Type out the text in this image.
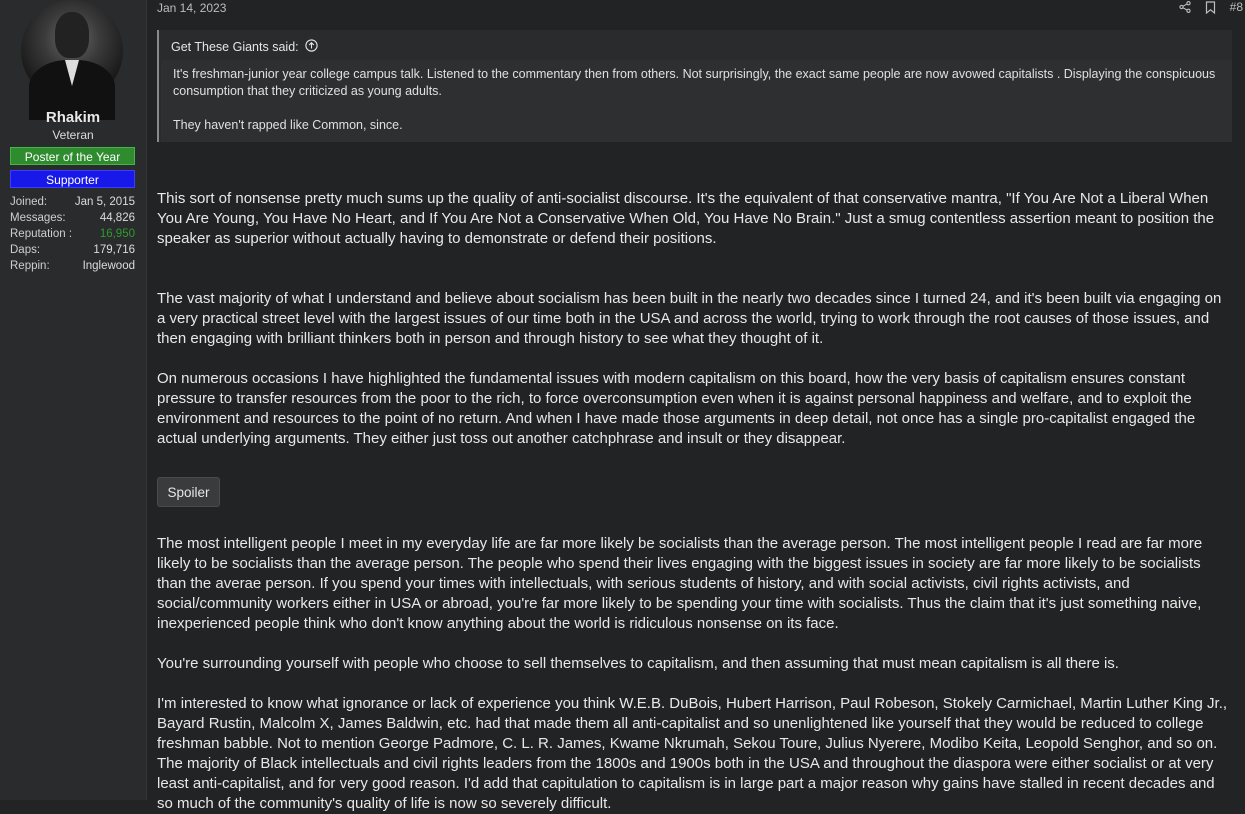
Rhakim
Veteran
Poster of the Year
Supporter
Joined: Jan 5, 2015
Messages:	44,826
Reputation : 16,950
Daps:	179,716
Reppin:	Inglewood
Jan 14, 2023	#8
Get These Giants said:

It's freshman-junior year college campus talk. Listened to the commentary then from others. Not surprisingly, the exact same people are now avowed capitalists . Displaying the conspicuous consumption that they criticized as young adults.

They haven't rapped like Common, since.

This sort of nonsense pretty much sums up the quality of anti-socialist discourse. It's the equivalent of that conservative mantra, "If You Are Not a Liberal When You Are Young, You Have No Heart, and If You Are Not a Conservative When Old, You Have No Brain." Just a smug contentless assertion meant to position the speaker as superior without actually having to demonstrate or defend their positions.

The vast majority of what I understand and believe about socialism has been built in the nearly two decades since I turned 24, and it's been built via engaging on a very practical street level with the largest issues of our time both in the USA and across the world, trying to work through the root causes of those issues, and then engaging with brilliant thinkers both in person and through history to see what they thought of it.

On numerous occasions I have highlighted the fundamental issues with modern capitalism on this board, how the very basis of capitalism ensures constant pressure to transfer resources from the poor to the rich, to force overconsumption even when it is against personal happiness and welfare, and to exploit the environment and resources to the point of no return. And when I have made those arguments in deep detail, not once has a single pro-capitalist engaged the actual underlying arguments. They either just toss out another catchphrase and insult or they disappear.

Spoiler

The most intelligent people I meet in my everyday life are far more likely be socialists than the average person. The most intelligent people I read are far more likely to be socialists than the average person. The people who spend their lives engaging with the biggest issues in society are far more likely to be socialists than the averae person. If you spend your times with intellectuals, with serious students of history, and with social activists, civil rights activists, and social/community workers either in USA or abroad, you're far more likely to be spending your time with socialists. Thus the claim that it's just something naive, inexperienced people think who don't know anything about the world is ridiculous nonsense on its face.

You're surrounding yourself with people who choose to sell themselves to capitalism, and then assuming that must mean capitalism is all there is.

I'm interested to know what ignorance or lack of experience you think W.E.B. DuBois, Hubert Harrison, Paul Robeson, Stokely Carmichael, Martin Luther King Jr., Bayard Rustin, Malcolm X, James Baldwin, etc. had that made them all anti-capitalist and so unenlightened like yourself that they would be reduced to college freshman babble. Not to mention George Padmore, C. L. R. James, Kwame Nkrumah, Sekou Toure, Julius Nyerere, Modibo Keita, Leopold Senghor, and so on. The majority of Black intellectuals and civil rights leaders from the 1800s and 1900s both in the USA and throughout the diaspora were either socialist or at very least anti-capitalist, and for very good reason. I'd add that capitulation to capitalism is in large part a major reason why gains have stalled in recent decades and so much of the community's quality of life is now so severely difficult.
